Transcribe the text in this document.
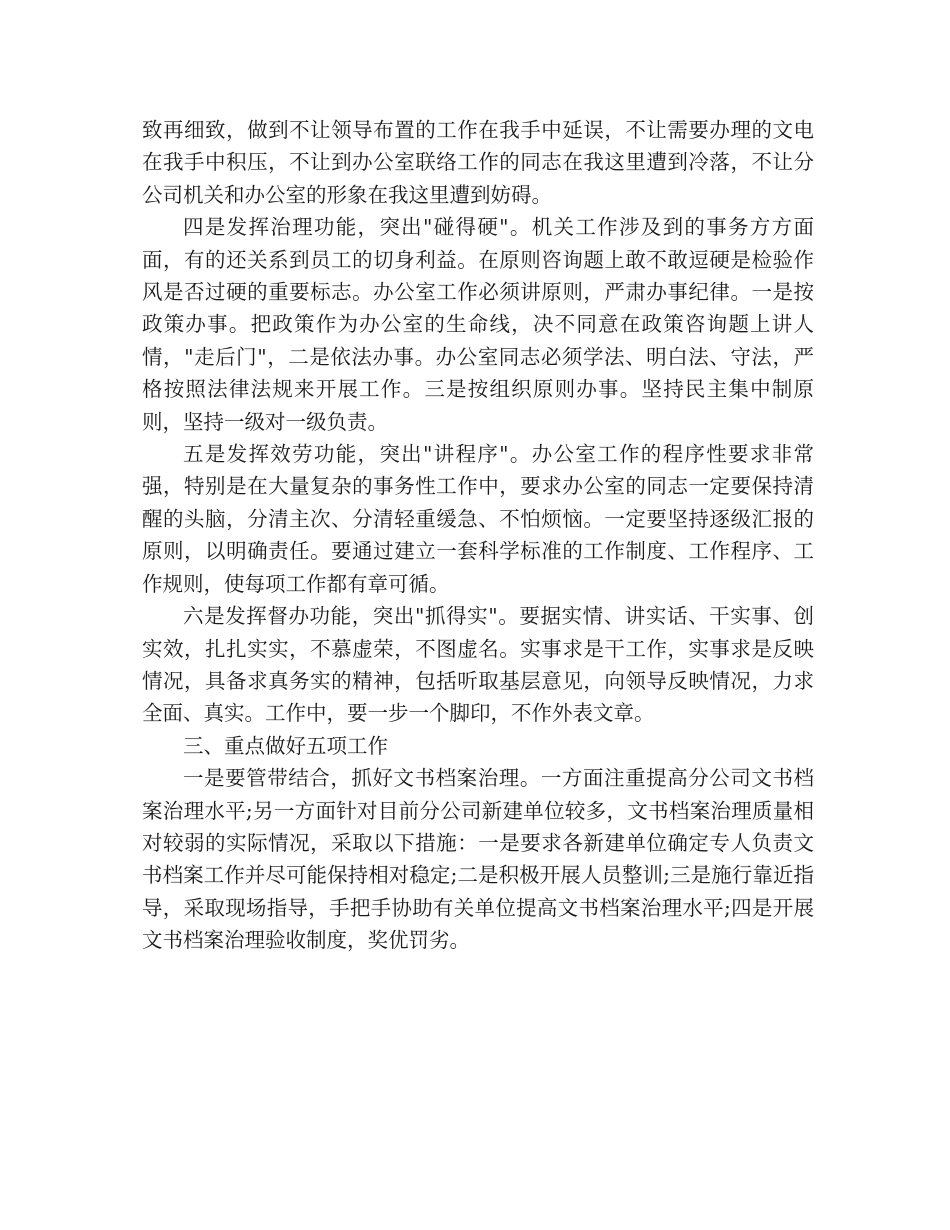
致再细致，做到不让领导布置的工作在我手中延误，不让需要办理的文电在我手中积压，不让到办公室联络工作的同志在我这里遭到冷落，不让分公司机关和办公室的形象在我这里遭到妨碍。

四是发挥治理功能，突出"碰得硬"。机关工作涉及到的事务方方面面，有的还关系到员工的切身利益。在原则咨询题上敢不敢逗硬是检验作风是否过硬的重要标志。办公室工作必须讲原则，严肃办事纪律。一是按政策办事。把政策作为办公室的生命线，决不同意在政策咨询题上讲人情，"走后门"，二是依法办事。办公室同志必须学法、明白法、守法，严格按照法律法规来开展工作。三是按组织原则办事。坚持民主集中制原则，坚持一级对一级负责。

五是发挥效劳功能，突出"讲程序"。办公室工作的程序性要求非常强，特别是在大量复杂的事务性工作中，要求办公室的同志一定要保持清醒的头脑，分清主次、分清轻重缓急、不怕烦恼。一定要坚持逐级汇报的原则，以明确责任。要通过建立一套科学标准的工作制度、工作程序、工作规则，使每项工作都有章可循。

六是发挥督办功能，突出"抓得实"。要据实情、讲实话、干实事、创实效，扎扎实实，不慕虚荣，不图虚名。实事求是干工作，实事求是反映情况，具备求真务实的精神，包括听取基层意见，向领导反映情况，力求全面、真实。工作中，要一步一个脚印，不作外表文章。

三、重点做好五项工作

一是要管带结合，抓好文书档案治理。一方面注重提高分公司文书档案治理水平;另一方面针对目前分公司新建单位较多，文书档案治理质量相对较弱的实际情况，采取以下措施：一是要求各新建单位确定专人负责文书档案工作并尽可能保持相对稳定;二是积极开展人员整训;三是施行靠近指导，采取现场指导，手把手协助有关单位提高文书档案治理水平;四是开展文书档案治理验收制度，奖优罚劣。
